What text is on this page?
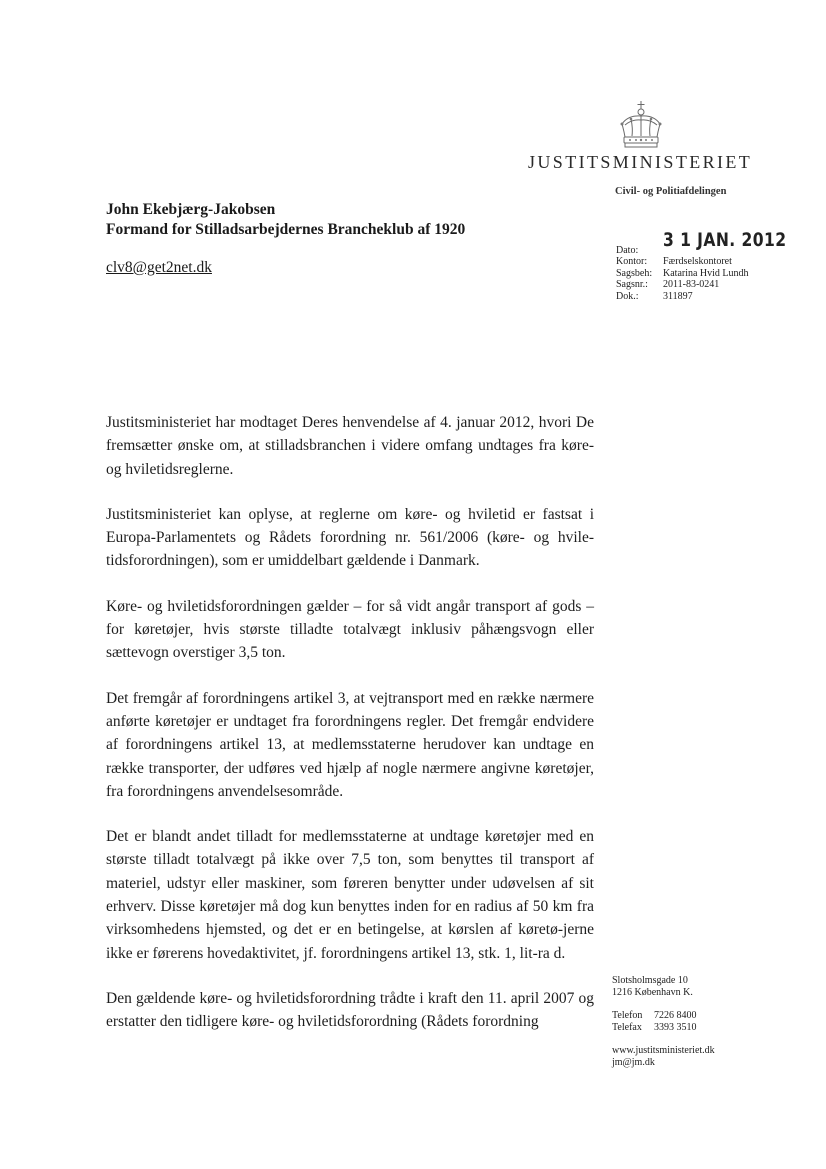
JUSTITSMINISTERIET
Civil- og Politiafdelingen
John Ekebjærg-Jakobsen
Formand for Stilladsarbejdernes Brancheklub af 1920
clv8@get2net.dk
Dato:	3 1 JAN. 2012
Kontor:	Færdselskontoret
Sagsbeh:	Katarina Hvid Lundh
Sagsnr.:	2011-83-0241
Dok.:	311897

Justitsministeriet har modtaget Deres henvendelse af 4. januar 2012, hvori De fremsætter ønske om, at stilladsbranchen i videre omfang undtages fra køre- og hviletidsreglerne.

Justitsministeriet kan oplyse, at reglerne om køre- og hviletid er fastsat i Europa-Parlamentets og Rådets forordning nr. 561/2006 (køre- og hvile-tidsforordningen), som er umiddelbart gældende i Danmark.

Køre- og hviletidsforordningen gælder – for så vidt angår transport af gods – for køretøjer, hvis største tilladte totalvægt inklusiv påhængsvogn eller sættevogn overstiger 3,5 ton.

Det fremgår af forordningens artikel 3, at vejtransport med en række nærmere anførte køretøjer er undtaget fra forordningens regler. Det fremgår endvidere af forordningens artikel 13, at medlemsstaterne herudover kan undtage en række transporter, der udføres ved hjælp af nogle nærmere angivne køretøjer, fra forordningens anvendelsesområde.

Det er blandt andet tilladt for medlemsstaterne at undtage køretøjer med en største tilladt totalvægt på ikke over 7,5 ton, som benyttes til transport af materiel, udstyr eller maskiner, som føreren benytter under udøvelsen af sit erhverv. Disse køretøjer må dog kun benyttes inden for en radius af 50 km fra virksomhedens hjemsted, og det er en betingelse, at kørslen af køretø-jerne ikke er førerens hovedaktivitet, jf. forordningens artikel 13, stk. 1, lit-ra d.

Den gældende køre- og hviletidsforordning trådte i kraft den 11. april 2007 og erstatter den tidligere køre- og hviletidsforordning (Rådets forordning

Slotsholmsgade 10
1216 København K.
Telefon	7226 8400
Telefax	3393 3510
www.justitsministeriet.dk
jm@jm.dk
